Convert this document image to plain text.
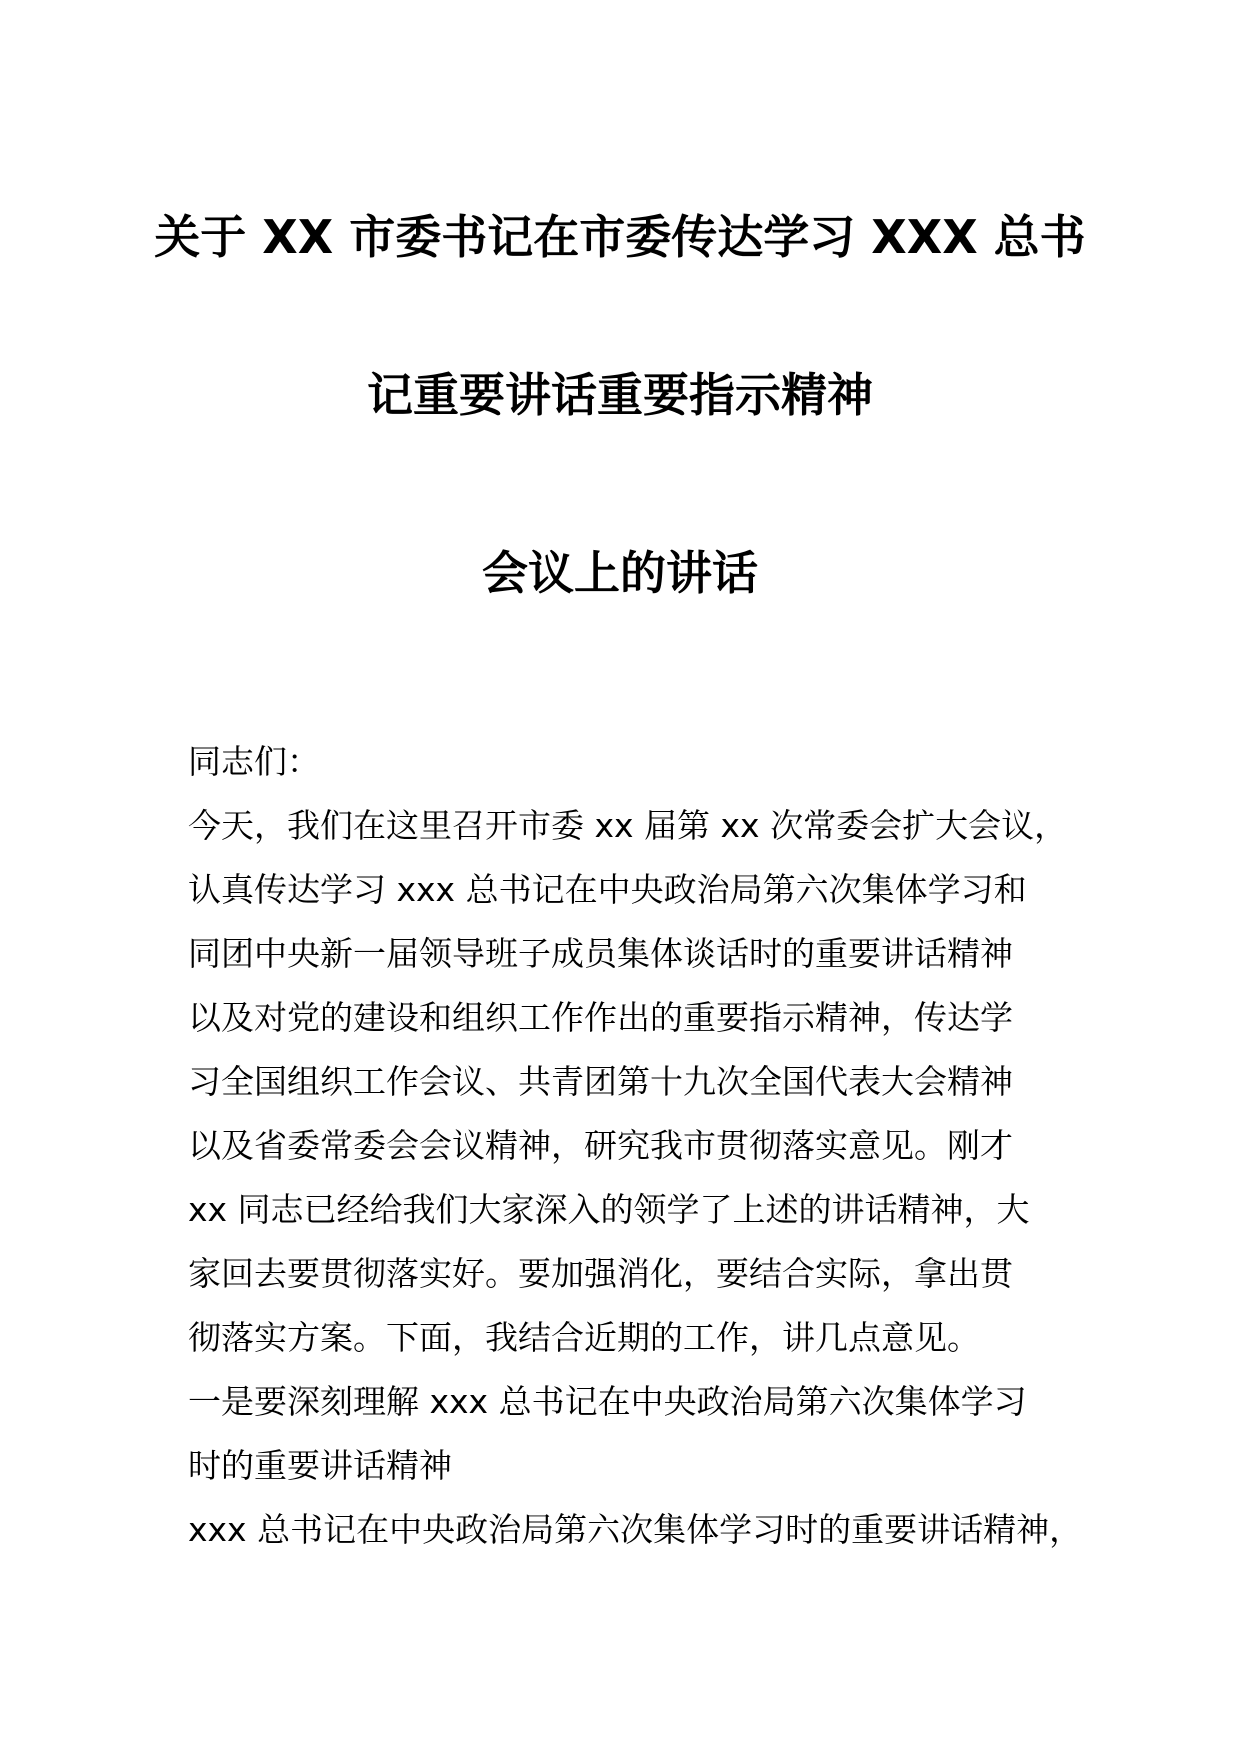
关于 XX 市委书记在市委传达学习 XXX 总书
记重要讲话重要指示精神
会议上的讲话
同志们：
今天，我们在这里召开市委 xx 届第 xx 次常委会扩大会议，
认真传达学习 xxx 总书记在中央政治局第六次集体学习和
同团中央新一届领导班子成员集体谈话时的重要讲话精神
以及对党的建设和组织工作作出的重要指示精神，传达学
习全国组织工作会议、共青团第十九次全国代表大会精神
以及省委常委会会议精神，研究我市贯彻落实意见。刚才
xx 同志已经给我们大家深入的领学了上述的讲话精神，大
家回去要贯彻落实好。要加强消化，要结合实际，拿出贯
彻落实方案。下面，我结合近期的工作，讲几点意见。
一是要深刻理解 xxx 总书记在中央政治局第六次集体学习
时的重要讲话精神
xxx 总书记在中央政治局第六次集体学习时的重要讲话精神，
